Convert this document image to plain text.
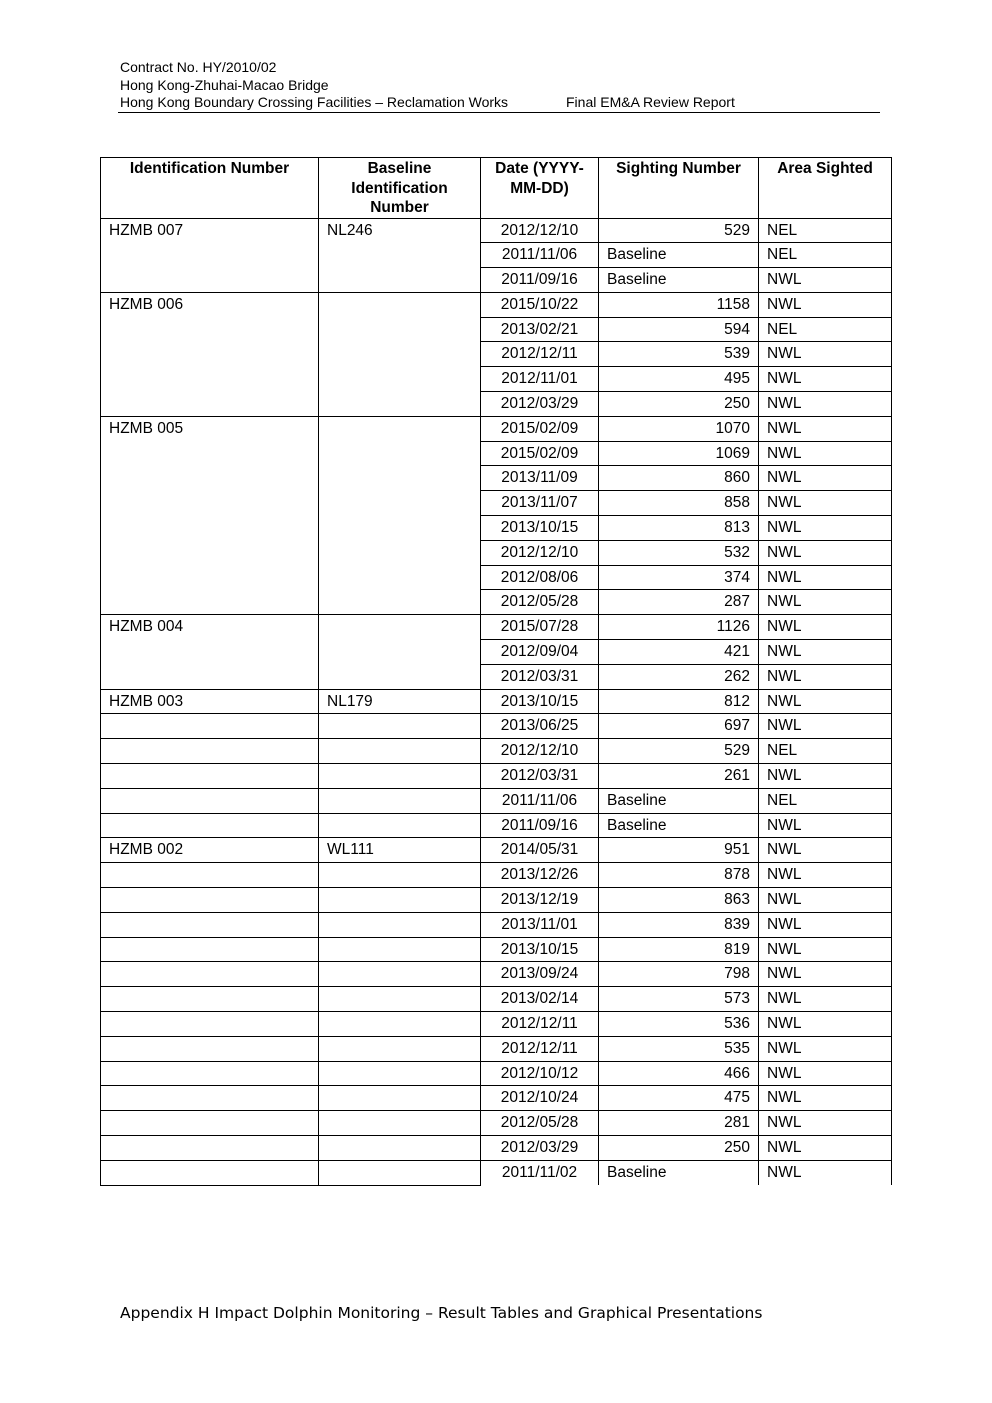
Contract No. HY/2010/02
Hong Kong-Zhuhai-Macao Bridge
Hong Kong Boundary Crossing Facilities – Reclamation Works	Final EM&A Review Report
Identification Number	Baseline Identification Number	Date (YYYY-MM-DD)	Sighting Number	Area Sighted
HZMB 007	NL246	2012/12/10	529	NEL
		2011/11/06	Baseline	NEL
		2011/09/16	Baseline	NWL
HZMB 006		2015/10/22	1158	NWL
		2013/02/21	594	NEL
		2012/12/11	539	NWL
		2012/11/01	495	NWL
		2012/03/29	250	NWL
HZMB 005		2015/02/09	1070	NWL
		2015/02/09	1069	NWL
		2013/11/09	860	NWL
		2013/11/07	858	NWL
		2013/10/15	813	NWL
		2012/12/10	532	NWL
		2012/08/06	374	NWL
		2012/05/28	287	NWL
HZMB 004		2015/07/28	1126	NWL
		2012/09/04	421	NWL
		2012/03/31	262	NWL
HZMB 003	NL179	2013/10/15	812	NWL
		2013/06/25	697	NWL
		2012/12/10	529	NEL
		2012/03/31	261	NWL
		2011/11/06	Baseline	NEL
		2011/09/16	Baseline	NWL
HZMB 002	WL111	2014/05/31	951	NWL
		2013/12/26	878	NWL
		2013/12/19	863	NWL
		2013/11/01	839	NWL
		2013/10/15	819	NWL
		2013/09/24	798	NWL
		2013/02/14	573	NWL
		2012/12/11	536	NWL
		2012/12/11	535	NWL
		2012/10/12	466	NWL
		2012/10/24	475	NWL
		2012/05/28	281	NWL
		2012/03/29	250	NWL
		2011/11/02	Baseline	NWL
Appendix H Impact Dolphin Monitoring – Result Tables and Graphical Presentations
